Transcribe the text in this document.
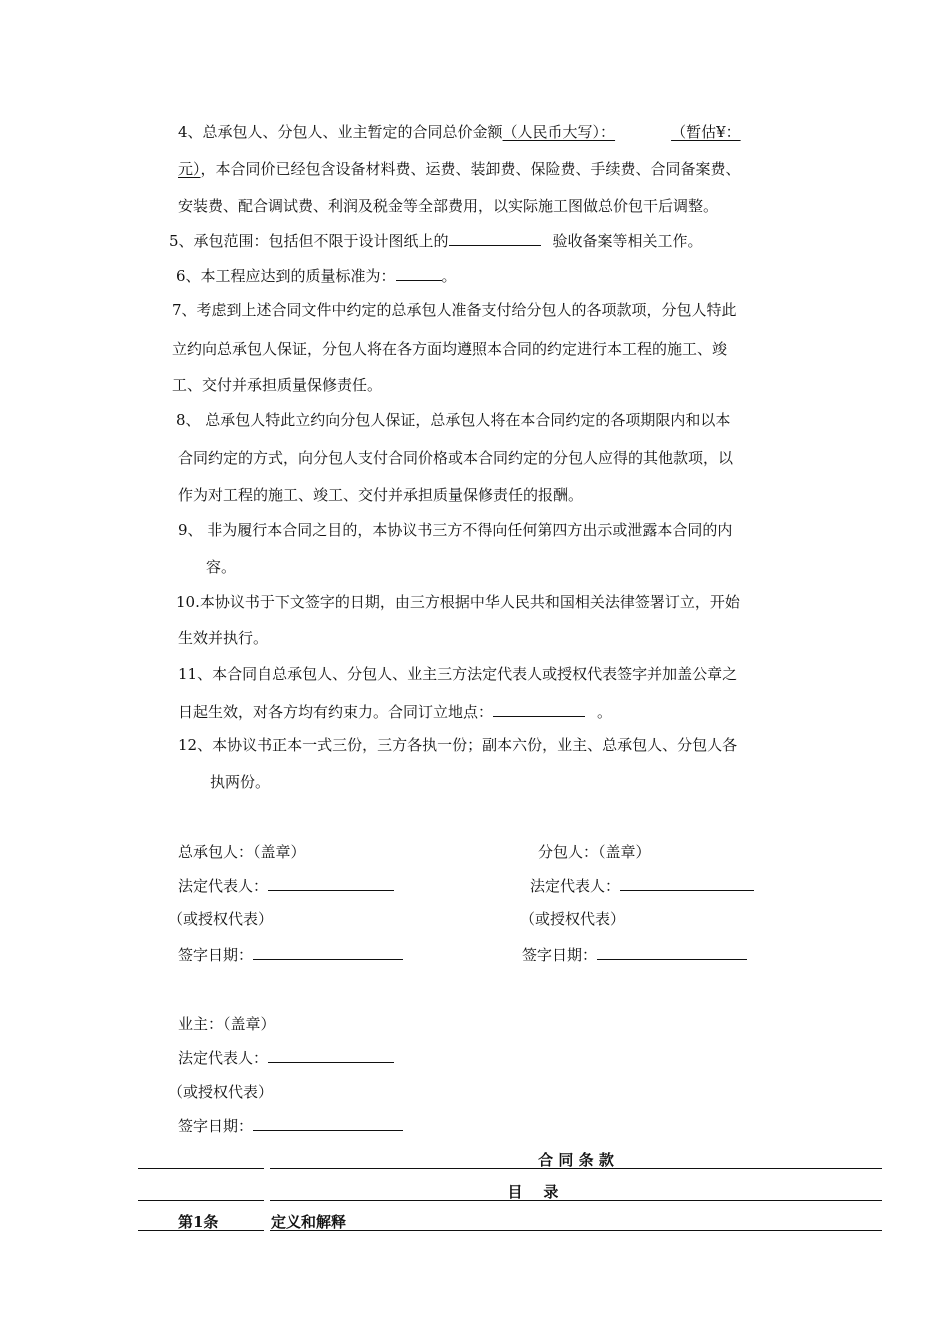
4、总承包人、分包人、业主暂定的合同总价金额（人民币大写）：	（暂估¥：
元），本合同价已经包含设备材料费、运费、装卸费、保险费、手续费、合同备案费、
安装费、配合调试费、利润及税金等全部费用，以实际施工图做总价包干后调整。
5、承包范围：包括但不限于设计图纸上的	验收备案等相关工作。
6、本工程应达到的质量标准为：	。
7、考虑到上述合同文件中约定的总承包人准备支付给分包人的各项款项，分包人特此
立约向总承包人保证，分包人将在各方面均遵照本合同的约定进行本工程的施工、竣
工、交付并承担质量保修责任。
8、 总承包人特此立约向分包人保证，总承包人将在本合同约定的各项期限内和以本
合同约定的方式，向分包人支付合同价格或本合同约定的分包人应得的其他款项，以
作为对工程的施工、竣工、交付并承担质量保修责任的报酬。
9、 非为履行本合同之目的，本协议书三方不得向任何第四方出示或泄露本合同的内
容。
10.本协议书于下文签字的日期，由三方根据中华人民共和国相关法律签署订立，开始
生效并执行。
11、本合同自总承包人、分包人、业主三方法定代表人或授权代表签字并加盖公章之
日起生效，对各方均有约束力。合同订立地点：	。
12、本协议书正本一式三份，三方各执一份；副本六份，业主、总承包人、分包人各
执两份。
总承包人：（盖章）
法定代表人：
（或授权代表）
签字日期：
分包人：（盖章）
法定代表人：
（或授权代表）
签字日期：
业主：（盖章）
法定代表人：
（或授权代表）
签字日期：
合 同 条 款
目    录
第1条	定义和解释
